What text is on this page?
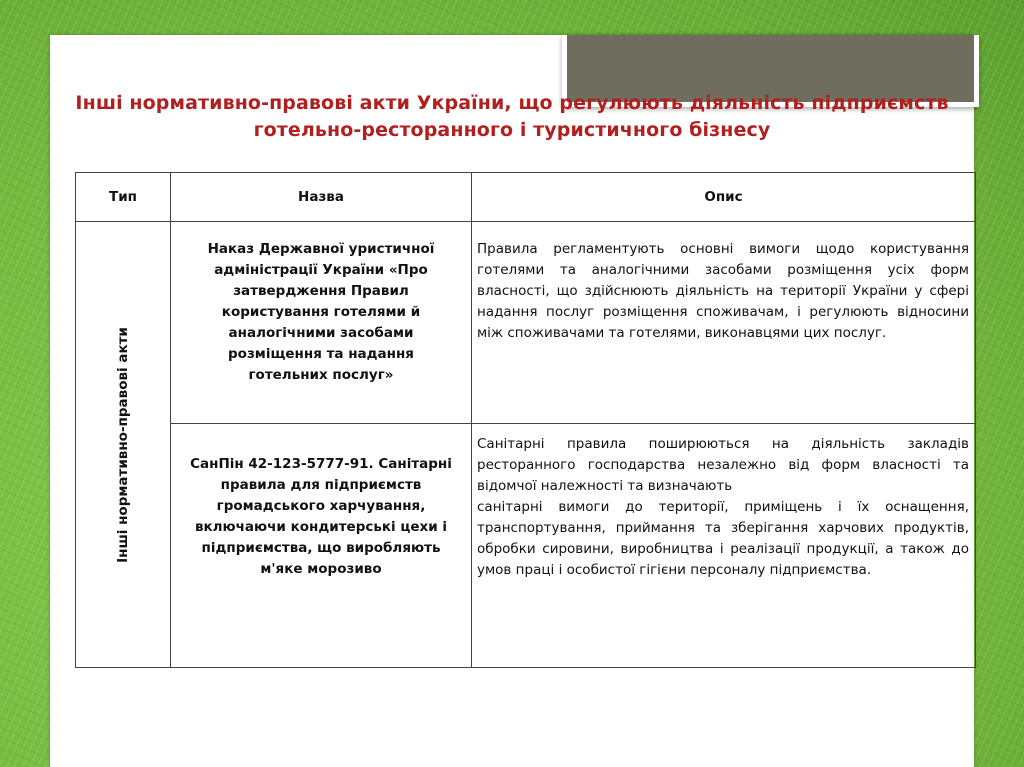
Інші нормативно-правові акти України, що регулюють діяльність підприємств готельно-ресторанного і туристичного бізнесу
Тип	Назва	Опис

Інші нормативно-правові акти	Наказ Державної уристичної адміністрації України «Про затвердження Правил користування готелями й аналогічними засобами розміщення та надання готельних послуг»	Правила регламентують основні вимоги щодо користування готелями та аналогічними засобами розміщення усіх форм власності, що здійснюють діяльність на території України у сфері надання послуг розміщення споживачам, і регулюють відносини між споживачами та готелями, виконавцями цих послуг.
	СанПін 42-123-5777-91. Санітарні правила для підприємств громадського харчування, включаючи кондитерські цехи і підприємства, що виробляють м'яке морозиво	Санітарні правила поширюються на діяльність закладів ресторанного господарства незалежно від форм власності та відомчої належності та визначають
санітарні вимоги до території, приміщень і їх оснащення, транспортування, приймання та зберігання харчових продуктів, обробки сировини, виробництва і реалізації продукції, а також до умов праці і особистої гігієни персоналу підприємства.
